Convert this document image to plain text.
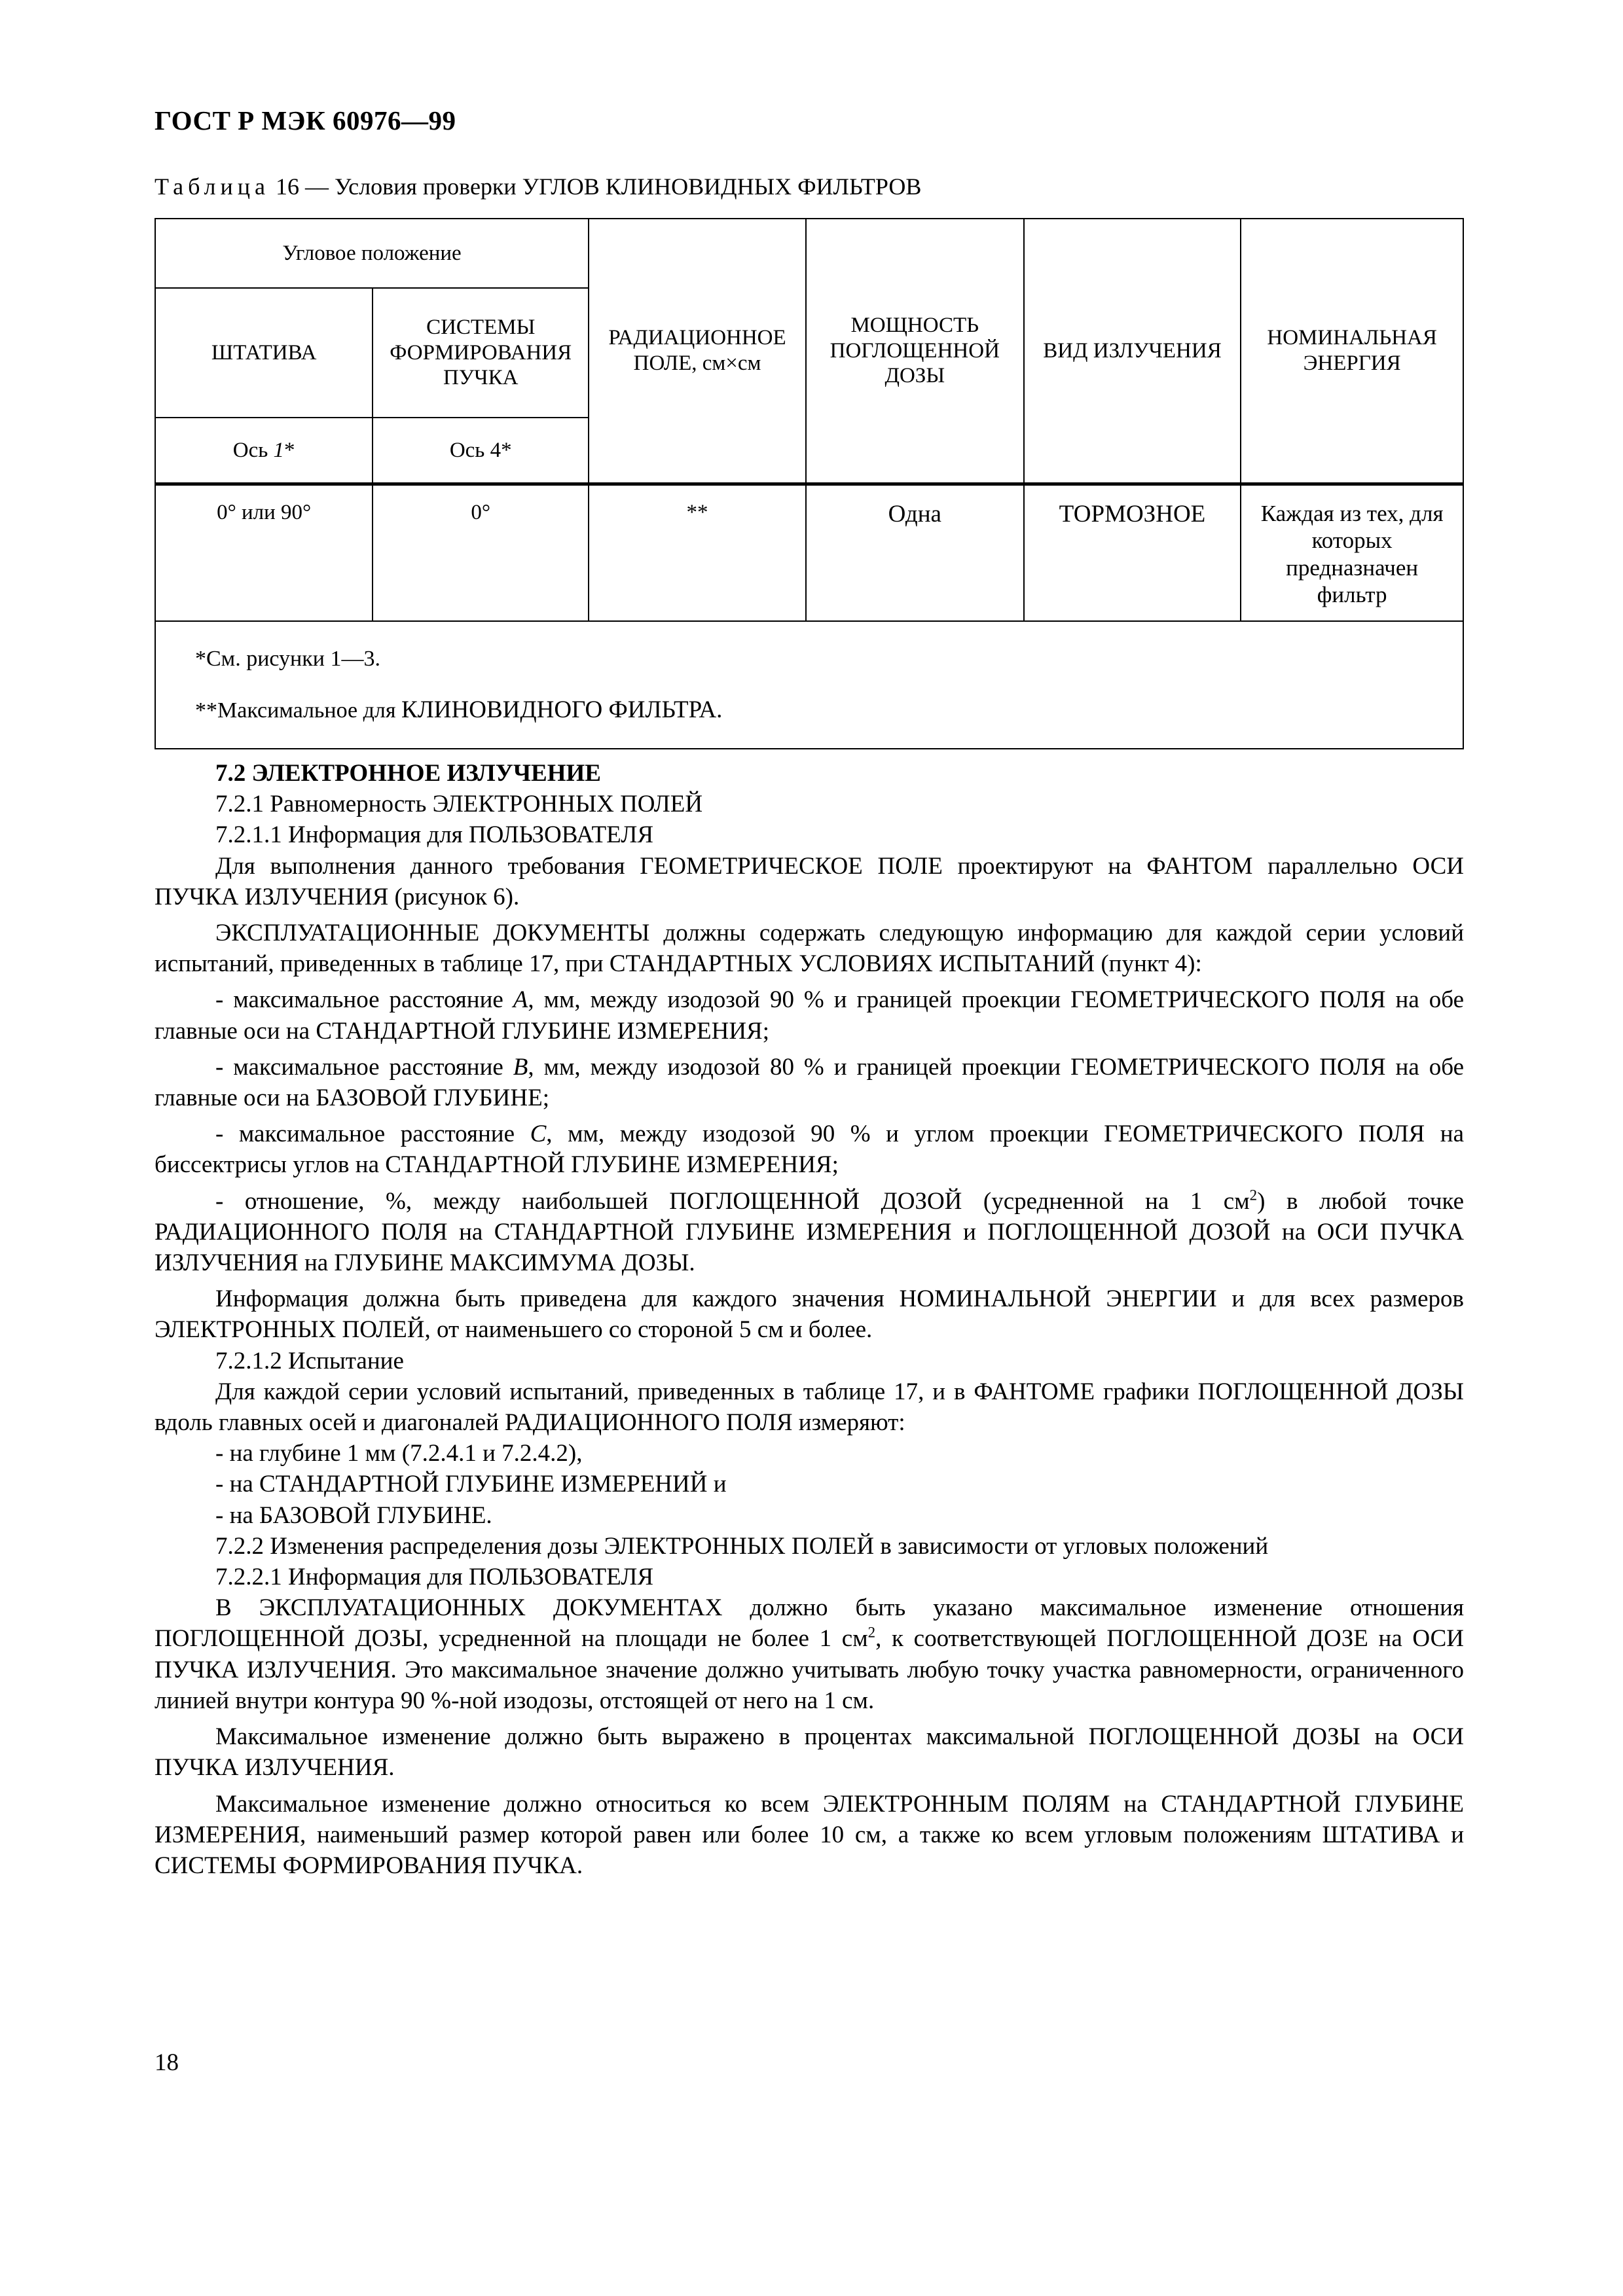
ГОСТ Р МЭК 60976—99
Таблица 16 — Условия проверки УГЛОВ КЛИНОВИДНЫХ ФИЛЬТРОВ
Угловое положение		РАДИАЦИОННОЕ ПОЛЕ, см×см	МОЩНОСТЬ ПОГЛОЩЕННОЙ ДОЗЫ	ВИД ИЗЛУЧЕНИЯ	НОМИНАЛЬНАЯ ЭНЕРГИЯ
ШТАТИВА	СИСТЕМЫ ФОРМИРОВАНИЯ ПУЧКА				
Ось 1*	Ось 4*				
0° или 90°	0°	**	Одна	ТОРМОЗНОЕ	Каждая из тех, для которых предназначен фильтр

*См. рисунки 1—3.

**Максимальное для КЛИНОВИДНОГО ФИЛЬТРА.					

7.2 ЭЛЕКТРОННОЕ ИЗЛУЧЕНИЕ

7.2.1 Равномерность ЭЛЕКТРОННЫХ ПОЛЕЙ

7.2.1.1 Информация для ПОЛЬЗОВАТЕЛЯ

Для выполнения данного требования ГЕОМЕТРИЧЕСКОЕ ПОЛЕ проектируют на ФАНТОМ параллельно ОСИ ПУЧКА ИЗЛУЧЕНИЯ (рисунок 6).

ЭКСПЛУАТАЦИОННЫЕ ДОКУМЕНТЫ должны содержать следующую информацию для каждой серии условий испытаний, приведенных в таблице 17, при СТАНДАРТНЫХ УСЛОВИЯХ ИСПЫТАНИЙ (пункт 4):

- максимальное расстояние А, мм, между изодозой 90 % и границей проекции ГЕОМЕТРИЧЕСКОГО ПОЛЯ на обе главные оси на СТАНДАРТНОЙ ГЛУБИНЕ ИЗМЕРЕНИЯ;

- максимальное расстояние В, мм, между изодозой 80 % и границей проекции ГЕОМЕТРИЧЕСКОГО ПОЛЯ на обе главные оси на БАЗОВОЙ ГЛУБИНЕ;

- максимальное расстояние С, мм, между изодозой 90 % и углом проекции ГЕОМЕТРИЧЕСКОГО ПОЛЯ на биссектрисы углов на СТАНДАРТНОЙ ГЛУБИНЕ ИЗМЕРЕНИЯ;

- отношение, %, между наибольшей ПОГЛОЩЕННОЙ ДОЗОЙ (усредненной на 1 $см^2$) в любой точке РАДИАЦИОННОГО ПОЛЯ на СТАНДАРТНОЙ ГЛУБИНЕ ИЗМЕРЕНИЯ и ПОГЛОЩЕННОЙ ДОЗОЙ на ОСИ ПУЧКА ИЗЛУЧЕНИЯ на ГЛУБИНЕ МАКСИМУМА ДОЗЫ.

Информация должна быть приведена для каждого значения НОМИНАЛЬНОЙ ЭНЕРГИИ и для всех размеров ЭЛЕКТРОННЫХ ПОЛЕЙ, от наименьшего со стороной 5 см и более.

7.2.1.2 Испытание

Для каждой серии условий испытаний, приведенных в таблице 17, и в ФАНТОМЕ графики ПОГЛОЩЕННОЙ ДОЗЫ вдоль главных осей и диагоналей РАДИАЦИОННОГО ПОЛЯ измеряют:

- на глубине 1 мм (7.2.4.1 и 7.2.4.2),

- на СТАНДАРТНОЙ ГЛУБИНЕ ИЗМЕРЕНИЙ и

- на БАЗОВОЙ ГЛУБИНЕ.

7.2.2 Изменения распределения дозы ЭЛЕКТРОННЫХ ПОЛЕЙ в зависимости от угловых положений

7.2.2.1 Информация для ПОЛЬЗОВАТЕЛЯ

В ЭКСПЛУАТАЦИОННЫХ ДОКУМЕНТАХ должно быть указано максимальное изменение отношения ПОГЛОЩЕННОЙ ДОЗЫ, усредненной на площади не более 1 $см^2$, к соответствующей ПОГЛОЩЕННОЙ ДОЗЕ на ОСИ ПУЧКА ИЗЛУЧЕНИЯ. Это максимальное значение должно учитывать любую точку участка равномерности, ограниченного линией внутри контура 90 %-ной изодозы, отстоящей от него на 1 см.

Максимальное изменение должно быть выражено в процентах максимальной ПОГЛОЩЕННОЙ ДОЗЫ на ОСИ ПУЧКА ИЗЛУЧЕНИЯ.

Максимальное изменение должно относиться ко всем ЭЛЕКТРОННЫМ ПОЛЯМ на СТАНДАРТНОЙ ГЛУБИНЕ ИЗМЕРЕНИЯ, наименьший размер которой равен или более 10 см, а также ко всем угловым положениям ШТАТИВА и СИСТЕМЫ ФОРМИРОВАНИЯ ПУЧКА.

18
